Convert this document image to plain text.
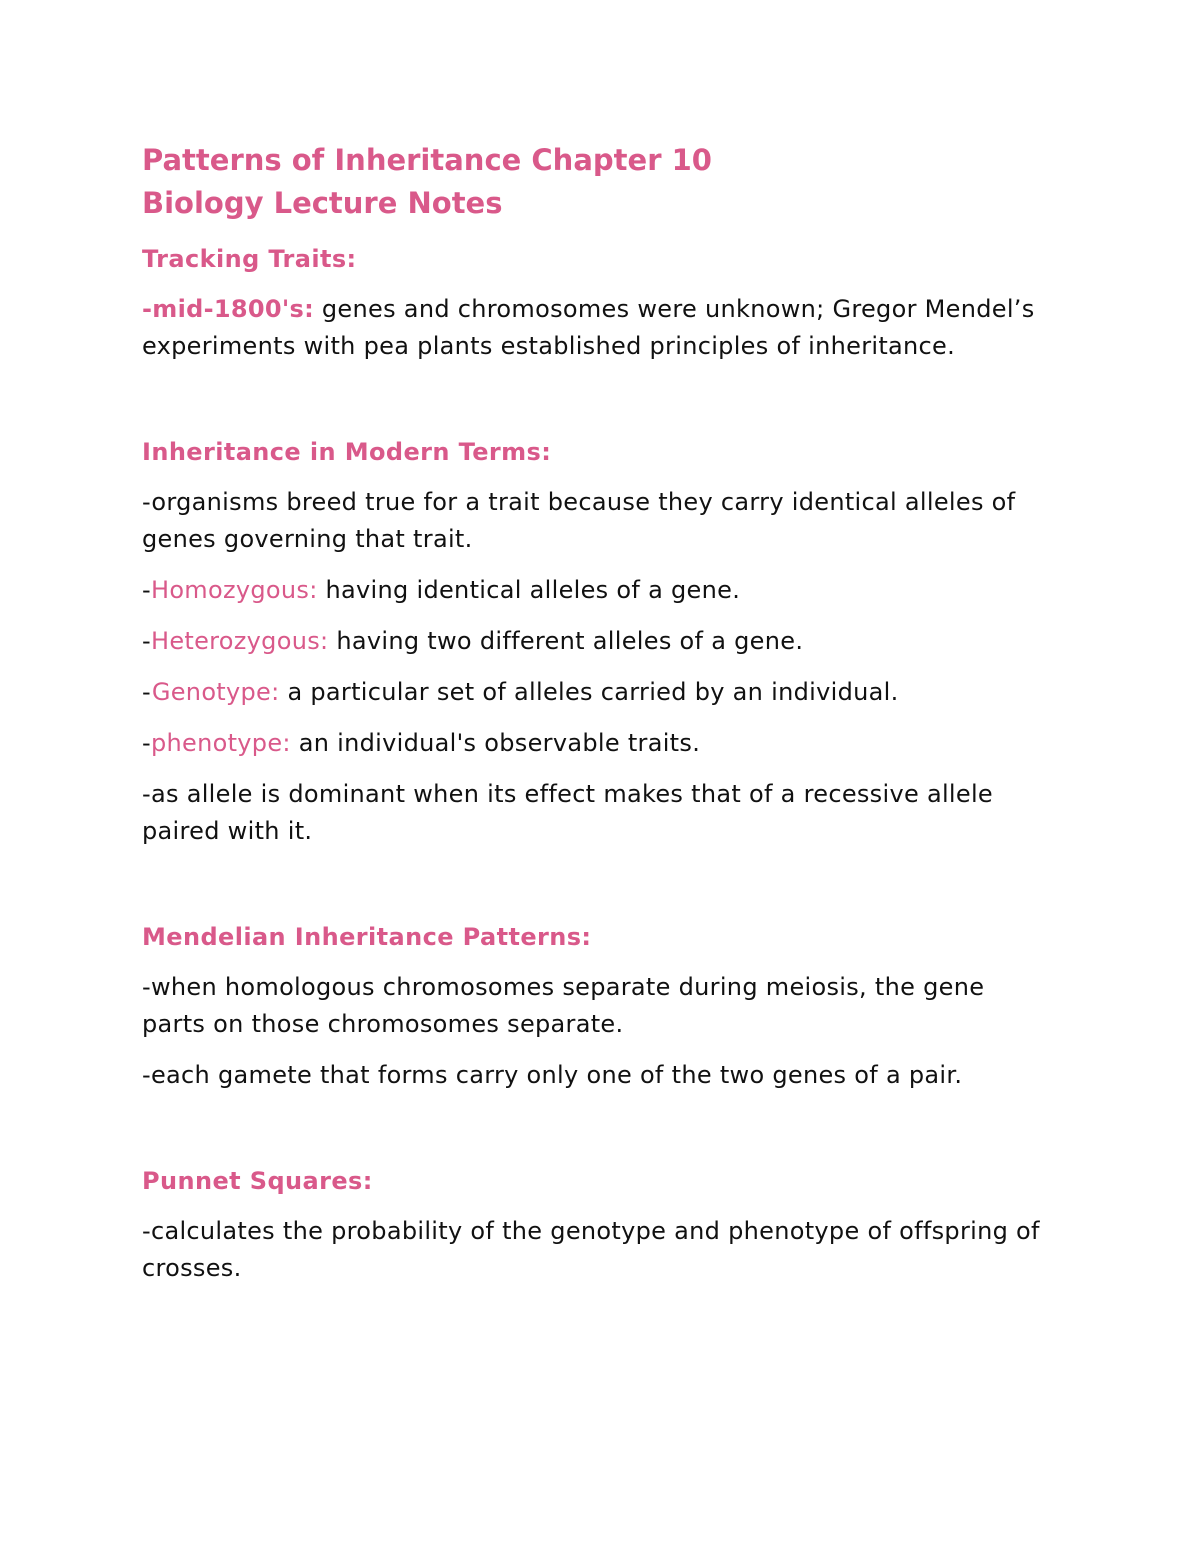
Patterns of Inheritance Chapter 10
Biology Lecture Notes
Tracking Traits:

-mid-1800's: genes and chromosomes were unknown; Gregor Mendel’s experiments with pea plants established principles of inheritance.

Inheritance in Modern Terms:

-organisms breed true for a trait because they carry identical alleles of genes governing that trait.

-Homozygous: having identical alleles of a gene.

-Heterozygous: having two different alleles of a gene.

-Genotype: a particular set of alleles carried by an individual.

-phenotype: an individual's observable traits.

-as allele is dominant when its effect makes that of a recessive allele paired with it.

Mendelian Inheritance Patterns:

-when homologous chromosomes separate during meiosis, the gene parts on those chromosomes separate.

-each gamete that forms carry only one of the two genes of a pair.

Punnet Squares:

-calculates the probability of the genotype and phenotype of offspring of crosses.
